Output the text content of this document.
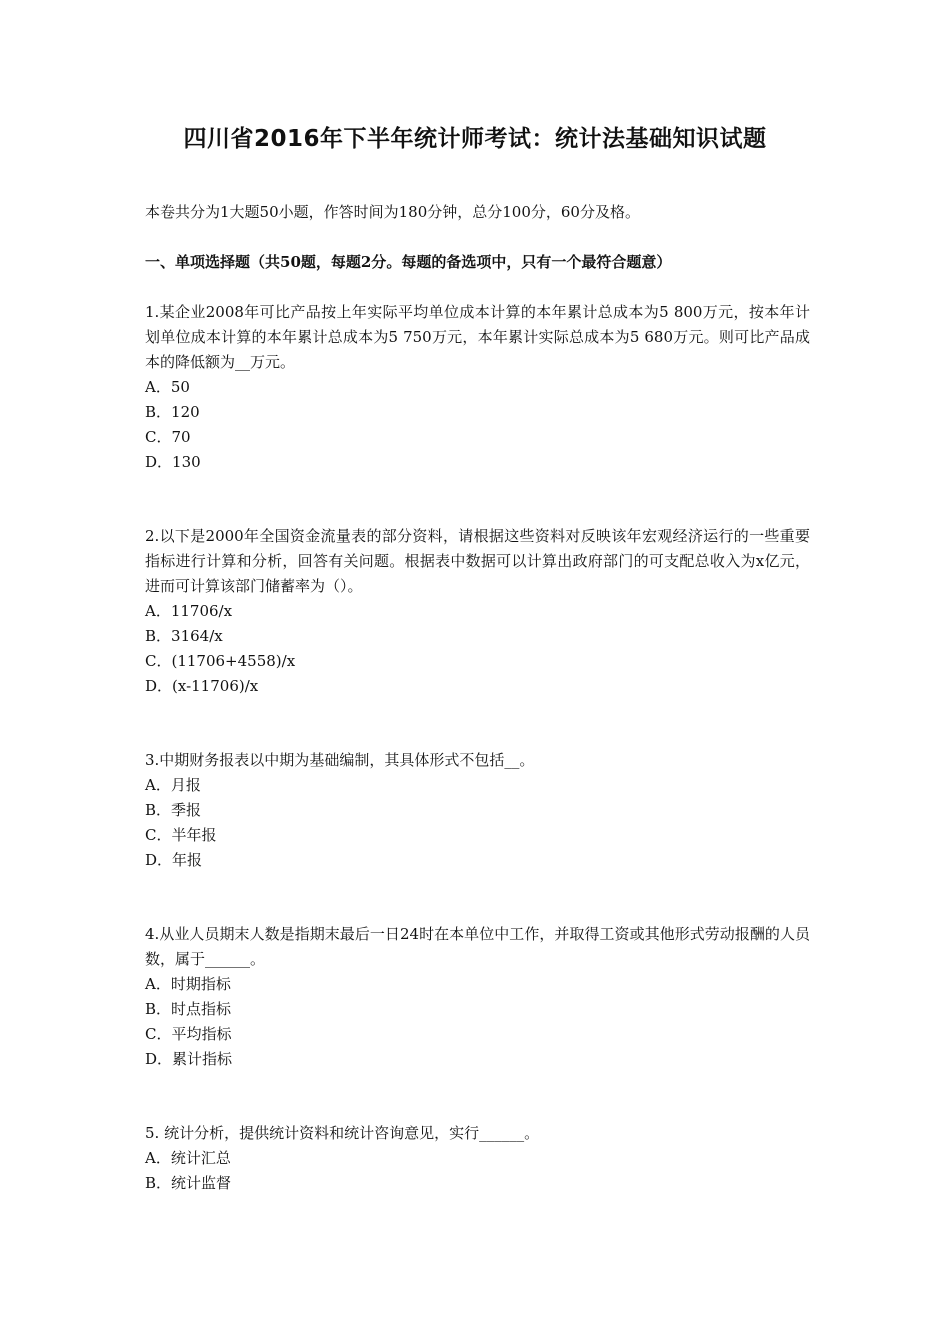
四川省2016年下半年统计师考试：统计法基础知识试题
本卷共分为1大题50小题，作答时间为180分钟，总分100分，60分及格。
一、单项选择题（共50题，每题2分。每题的备选项中，只有一个最符合题意）

1.某企业2008年可比产品按上年实际平均单位成本计算的本年累计总成本为5 800万元，按本年计划单位成本计算的本年累计总成本为5 750万元，本年累计实际总成本为5 680万元。则可比产品成本的降低额为__万元。

A．50
B．120
C．70
D．130

2.以下是2000年全国资金流量表的部分资料，请根据这些资料对反映该年宏观经济运行的一些重要指标进行计算和分析，回答有关问题。根据表中数据可以计算出政府部门的可支配总收入为x亿元，进而可计算该部门储蓄率为（）。

A．11706/x
B．3164/x
C．(11706+4558)/x
D．(x-11706)/x

3.中期财务报表以中期为基础编制，其具体形式不包括__。

A．月报
B．季报
C．半年报
D．年报

4.从业人员期末人数是指期末最后一日24时在本单位中工作，并取得工资或其他形式劳动报酬的人员数，属于______。

A．时期指标
B．时点指标
C．平均指标
D．累计指标

5. 统计分析，提供统计资料和统计咨询意见，实行______。

A．统计汇总
B．统计监督
